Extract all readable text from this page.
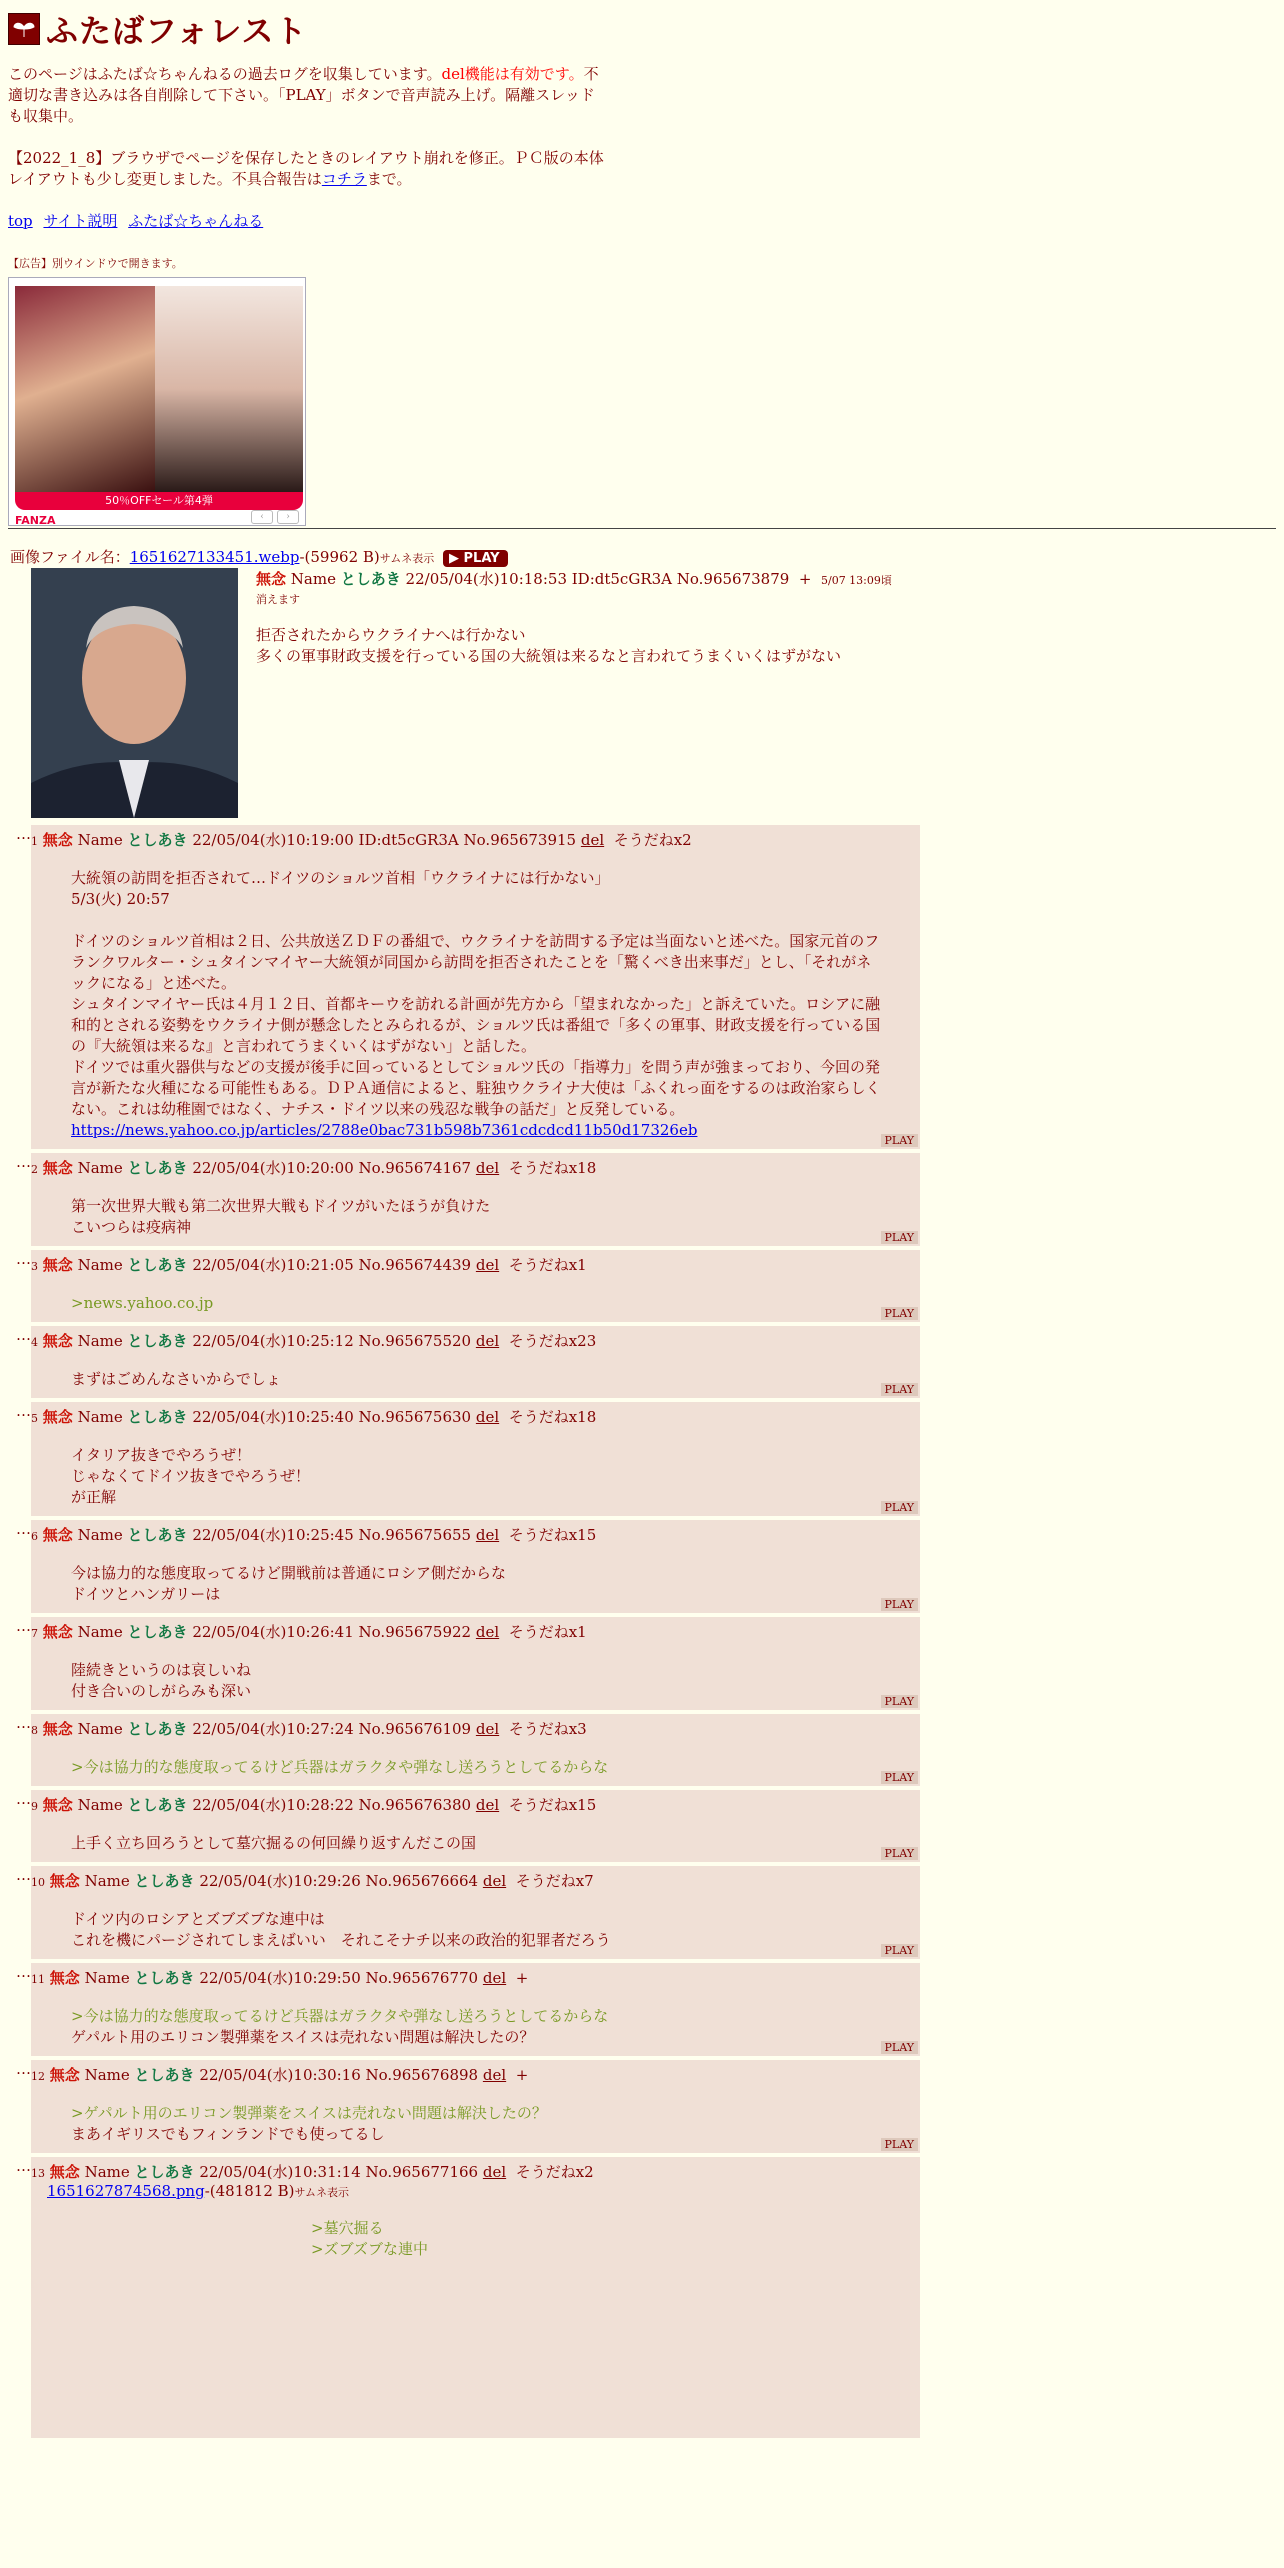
ふたばフォレスト
このページはふたば☆ちゃんねるの過去ログを収集しています。del機能は有効です。不適切な書き込みは各自削除して下さい。「PLAY」ボタンで音声読み上げ。隔離スレッドも収集中。

【2022_1_8】ブラウザでページを保存したときのレイアウト崩れを修正。ＰＣ版の本体レイアウトも少し変更しました。不具合報告はコチラまで。
top サイト説明 ふたば☆ちゃんねる
【広告】別ウインドウで開きます。
50％OFFセール第4弾
FANZA	‹	›
画像ファイル名：1651627133451.webp-(59962 B)サムネ表示 ▶ PLAY
無念 Name としあき 22/05/04(水)10:18:53 ID:dt5cGR3A No.965673879 + 5/07 13:09頃消えます
拒否されたからウクライナへは行かない
多くの軍事財政支援を行っている国の大統領は来るなと言われてうまくいくはずがない
… 1 無念 Name としあき 22/05/04(水)10:19:00 ID:dt5cGR3A No.965673915 del そうだねx2
大統領の訪問を拒否されて…ドイツのショルツ首相「ウクライナには行かない」
5/3(火) 20:57

ドイツのショルツ首相は２日、公共放送ＺＤＦの番組で、ウクライナを訪問する予定は当面ないと述べた。国家元首のフランクワルター・シュタインマイヤー大統領が同国から訪問を拒否されたことを「驚くべき出来事だ」とし、「それがネックになる」と述べた。
シュタインマイヤー氏は４月１２日、首都キーウを訪れる計画が先方から「望まれなかった」と訴えていた。ロシアに融和的とされる姿勢をウクライナ側が懸念したとみられるが、ショルツ氏は番組で「多くの軍事、財政支援を行っている国の『大統領は来るな』と言われてうまくいくはずがない」と話した。
ドイツでは重火器供与などの支援が後手に回っているとしてショルツ氏の「指導力」を問う声が強まっており、今回の発言が新たな火種になる可能性もある。ＤＰＡ通信によると、駐独ウクライナ大使は「ふくれっ面をするのは政治家らしくない。これは幼稚園ではなく、ナチス・ドイツ以来の残忍な戦争の話だ」と反発している。
https://news.yahoo.co.jp/articles/2788e0bac731b598b7361cdcdcd11b50d17326eb
PLAY
… 2 無念 Name としあき 22/05/04(水)10:20:00 No.965674167 del そうだねx18
第一次世界大戦も第二次世界大戦もドイツがいたほうが負けた
こいつらは疫病神
PLAY
… 3 無念 Name としあき 22/05/04(水)10:21:05 No.965674439 del そうだねx1
>news.yahoo.co.jp
PLAY
… 4 無念 Name としあき 22/05/04(水)10:25:12 No.965675520 del そうだねx23
まずはごめんなさいからでしょ
PLAY
… 5 無念 Name としあき 22/05/04(水)10:25:40 No.965675630 del そうだねx18
イタリア抜きでやろうぜ！
じゃなくてドイツ抜きでやろうぜ！
が正解
PLAY
… 6 無念 Name としあき 22/05/04(水)10:25:45 No.965675655 del そうだねx15
今は協力的な態度取ってるけど開戦前は普通にロシア側だからな
ドイツとハンガリーは
PLAY
… 7 無念 Name としあき 22/05/04(水)10:26:41 No.965675922 del そうだねx1
陸続きというのは哀しいね
付き合いのしがらみも深い
PLAY
… 8 無念 Name としあき 22/05/04(水)10:27:24 No.965676109 del そうだねx3
>今は協力的な態度取ってるけど兵器はガラクタや弾なし送ろうとしてるからな
PLAY
… 9 無念 Name としあき 22/05/04(水)10:28:22 No.965676380 del そうだねx15
上手く立ち回ろうとして墓穴掘るの何回繰り返すんだこの国
PLAY
… 10 無念 Name としあき 22/05/04(水)10:29:26 No.965676664 del そうだねx7
ドイツ内のロシアとズブズブな連中は
これを機にパージされてしまえばいい　それこそナチ以来の政治的犯罪者だろう
PLAY
… 11 無念 Name としあき 22/05/04(水)10:29:50 No.965676770 del +
>今は協力的な態度取ってるけど兵器はガラクタや弾なし送ろうとしてるからな
ゲパルト用のエリコン製弾薬をスイスは売れない問題は解決したの？
PLAY
… 12 無念 Name としあき 22/05/04(水)10:30:16 No.965676898 del +
>ゲパルト用のエリコン製弾薬をスイスは売れない問題は解決したの？
まあイギリスでもフィンランドでも使ってるし
PLAY
… 13 無念 Name としあき 22/05/04(水)10:31:14 No.965677166 del そうだねx2
1651627874568.png-(481812 B)サムネ表示
>墓穴掘る
>ズブズブな連中
